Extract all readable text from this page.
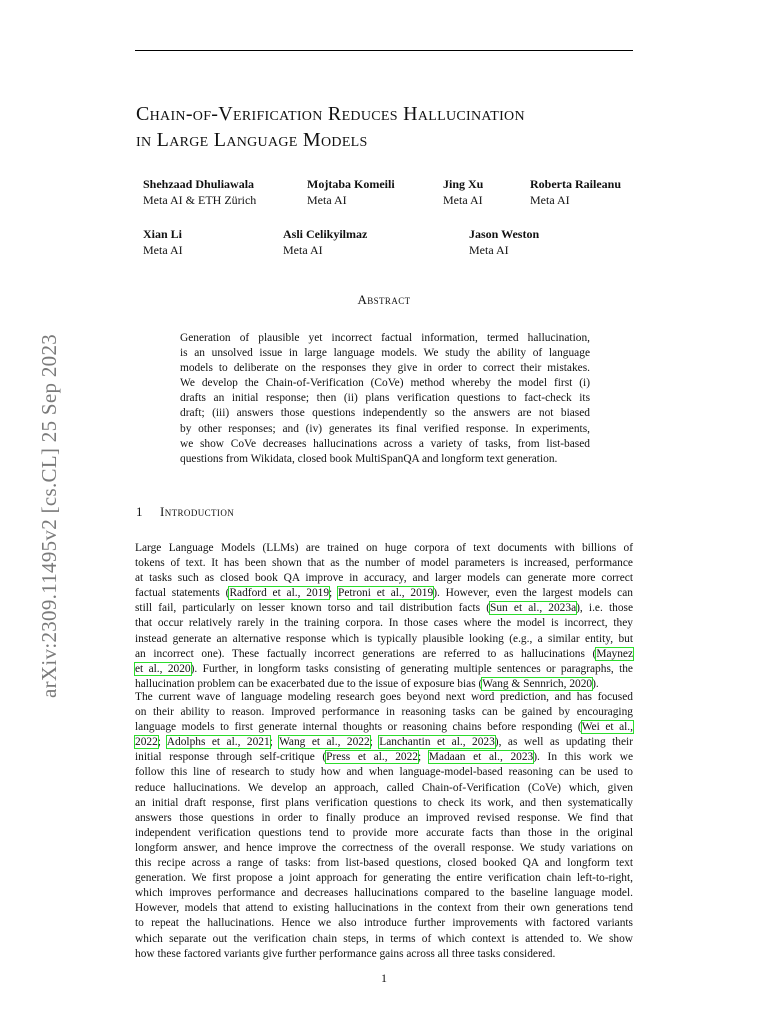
arXiv:2309.11495v2 [cs.CL] 25 Sep 2023
Chain-of-Verification Reduces Hallucination
in Large Language Models
Shehzaad Dhuliawala
Meta AI & ETH Zürich
Mojtaba Komeili
Meta AI
Jing Xu
Meta AI
Roberta Raileanu
Meta AI
Xian Li
Meta AI
Asli Celikyilmaz
Meta AI
Jason Weston
Meta AI
Abstract
Generation of plausible yet incorrect factual information, termed hallucination,
is an unsolved issue in large language models. We study the ability of language
models to deliberate on the responses they give in order to correct their mistakes.
We develop the Chain-of-Verification (CoVe) method whereby the model first (i)
drafts an initial response; then (ii) plans verification questions to fact-check its
draft; (iii) answers those questions independently so the answers are not biased
by other responses; and (iv) generates its final verified response. In experiments,
we show CoVe decreases hallucinations across a variety of tasks, from list-based
questions from Wikidata, closed book MultiSpanQA and longform text generation.
1 Introduction
Large Language Models (LLMs) are trained on huge corpora of text documents with billions of
tokens of text. It has been shown that as the number of model parameters is increased, performance
at tasks such as closed book QA improve in accuracy, and larger models can generate more correct
factual statements (Radford et al., 2019; Petroni et al., 2019). However, even the largest models can
still fail, particularly on lesser known torso and tail distribution facts (Sun et al., 2023a), i.e. those
that occur relatively rarely in the training corpora. In those cases where the model is incorrect, they
instead generate an alternative response which is typically plausible looking (e.g., a similar entity, but
an incorrect one). These factually incorrect generations are referred to as hallucinations (Maynez
et al., 2020). Further, in longform tasks consisting of generating multiple sentences or paragraphs, the
hallucination problem can be exacerbated due to the issue of exposure bias (Wang & Sennrich, 2020).
The current wave of language modeling research goes beyond next word prediction, and has focused
on their ability to reason. Improved performance in reasoning tasks can be gained by encouraging
language models to first generate internal thoughts or reasoning chains before responding (Wei et al.,
2022; Adolphs et al., 2021; Wang et al., 2022; Lanchantin et al., 2023), as well as updating their
initial response through self-critique (Press et al., 2022; Madaan et al., 2023). In this work we
follow this line of research to study how and when language-model-based reasoning can be used to
reduce hallucinations. We develop an approach, called Chain-of-Verification (CoVe) which, given
an initial draft response, first plans verification questions to check its work, and then systematically
answers those questions in order to finally produce an improved revised response. We find that
independent verification questions tend to provide more accurate facts than those in the original
longform answer, and hence improve the correctness of the overall response. We study variations on
this recipe across a range of tasks: from list-based questions, closed booked QA and longform text
generation. We first propose a joint approach for generating the entire verification chain left-to-right,
which improves performance and decreases hallucinations compared to the baseline language model.
However, models that attend to existing hallucinations in the context from their own generations tend
to repeat the hallucinations. Hence we also introduce further improvements with factored variants
which separate out the verification chain steps, in terms of which context is attended to. We show
how these factored variants give further performance gains across all three tasks considered.
1
